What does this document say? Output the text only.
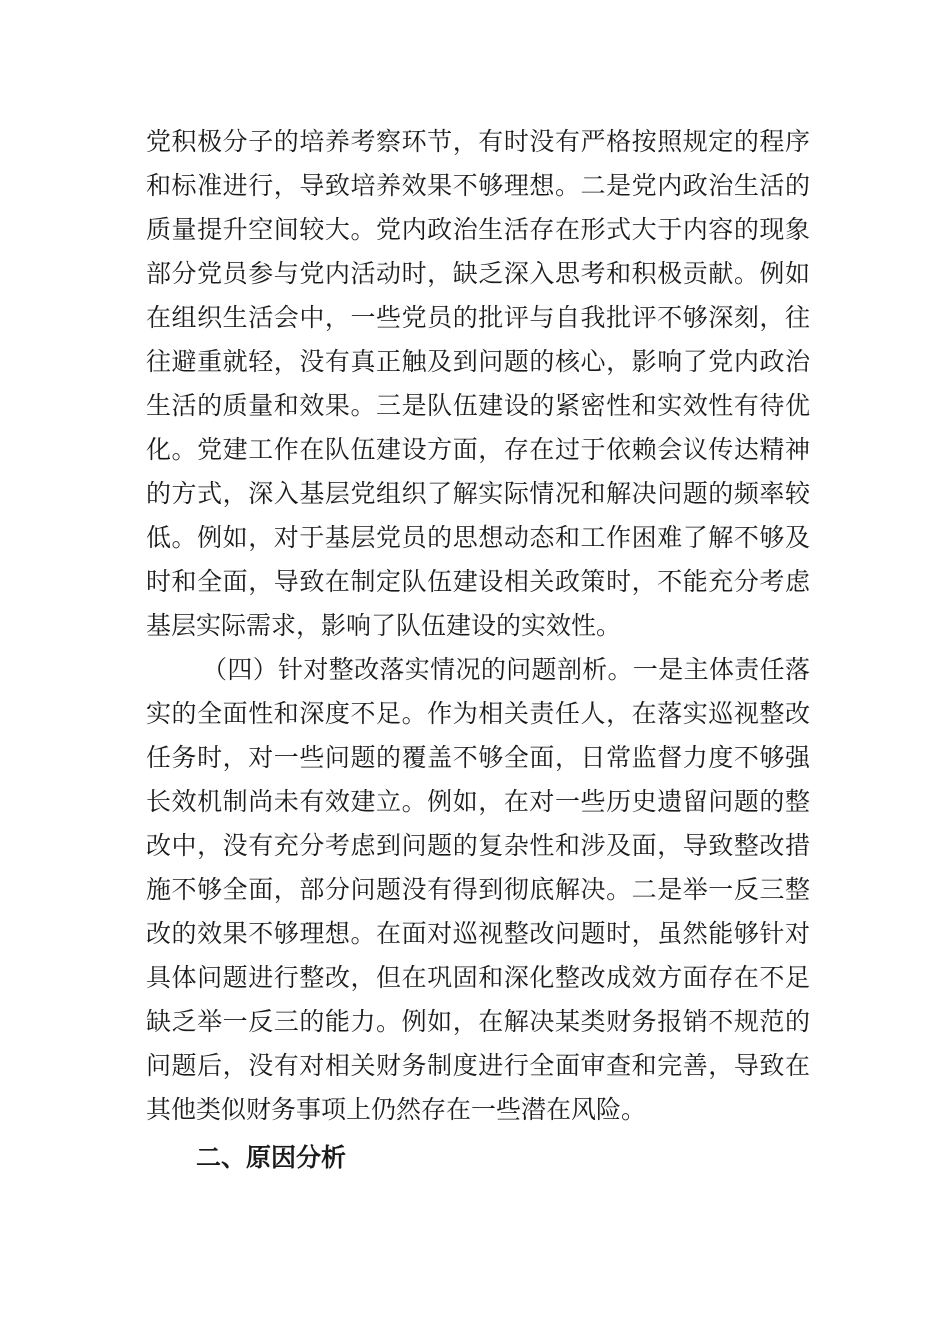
党积极分子的培养考察环节，有时没有严格按照规定的程序
和标准进行，导致培养效果不够理想。二是党内政治生活的
质量提升空间较大。党内政治生活存在形式大于内容的现象
部分党员参与党内活动时，缺乏深入思考和积极贡献。例如
在组织生活会中，一些党员的批评与自我批评不够深刻，往
往避重就轻，没有真正触及到问题的核心，影响了党内政治
生活的质量和效果。三是队伍建设的紧密性和实效性有待优
化。党建工作在队伍建设方面，存在过于依赖会议传达精神
的方式，深入基层党组织了解实际情况和解决问题的频率较
低。例如，对于基层党员的思想动态和工作困难了解不够及
时和全面，导致在制定队伍建设相关政策时，不能充分考虑
基层实际需求，影响了队伍建设的实效性。
（四）针对整改落实情况的问题剖析。一是主体责任落
实的全面性和深度不足。作为相关责任人，在落实巡视整改
任务时，对一些问题的覆盖不够全面，日常监督力度不够强
长效机制尚未有效建立。例如，在对一些历史遗留问题的整
改中，没有充分考虑到问题的复杂性和涉及面，导致整改措
施不够全面，部分问题没有得到彻底解决。二是举一反三整
改的效果不够理想。在面对巡视整改问题时，虽然能够针对
具体问题进行整改，但在巩固和深化整改成效方面存在不足
缺乏举一反三的能力。例如，在解决某类财务报销不规范的
问题后，没有对相关财务制度进行全面审查和完善，导致在
其他类似财务事项上仍然存在一些潜在风险。
二、原因分析
